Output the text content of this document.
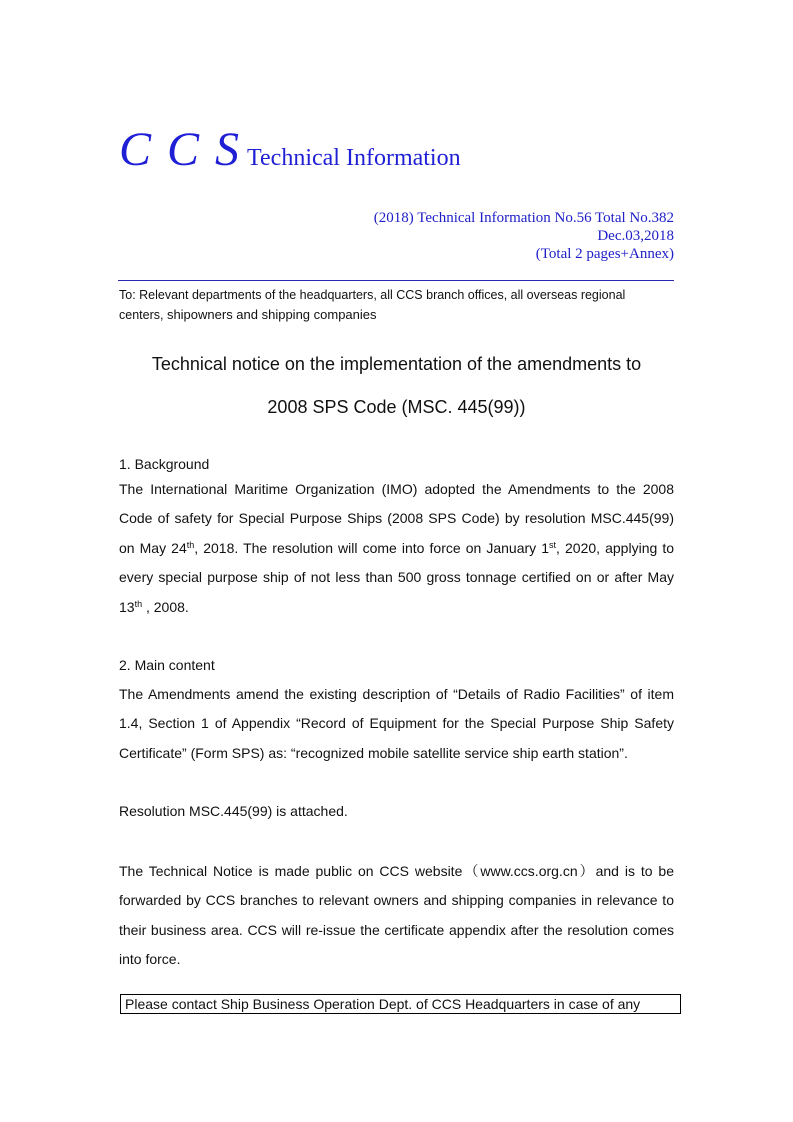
C C S Technical Information
(2018) Technical Information No.56 Total No.382
Dec.03,2018
(Total 2 pages+Annex)
To: Relevant departments of the headquarters, all CCS branch offices, all overseas regional
centers, shipowners and shipping companies
Technical notice on the implementation of the amendments to
2008 SPS Code (MSC. 445(99))
1. Background
The International Maritime Organization (IMO) adopted the Amendments to the 2008 Code of safety for Special Purpose Ships (2008 SPS Code) by resolution MSC.445(99) on May 24th, 2018. The resolution will come into force on January 1st, 2020, applying to every special purpose ship of not less than 500 gross tonnage certified on or after May 13th , 2008.
2. Main content
The Amendments amend the existing description of “Details of Radio Facilities” of item 1.4, Section 1 of Appendix “Record of Equipment for the Special Purpose Ship Safety Certificate” (Form SPS) as: “recognized mobile satellite service ship earth station”.
Resolution MSC.445(99) is attached.
The Technical Notice is made public on CCS website（www.ccs.org.cn）and is to be forwarded by CCS branches to relevant owners and shipping companies in relevance to their business area. CCS will re-issue the certificate appendix after the resolution comes into force.
Please contact Ship Business Operation Dept. of CCS Headquarters in case of any
